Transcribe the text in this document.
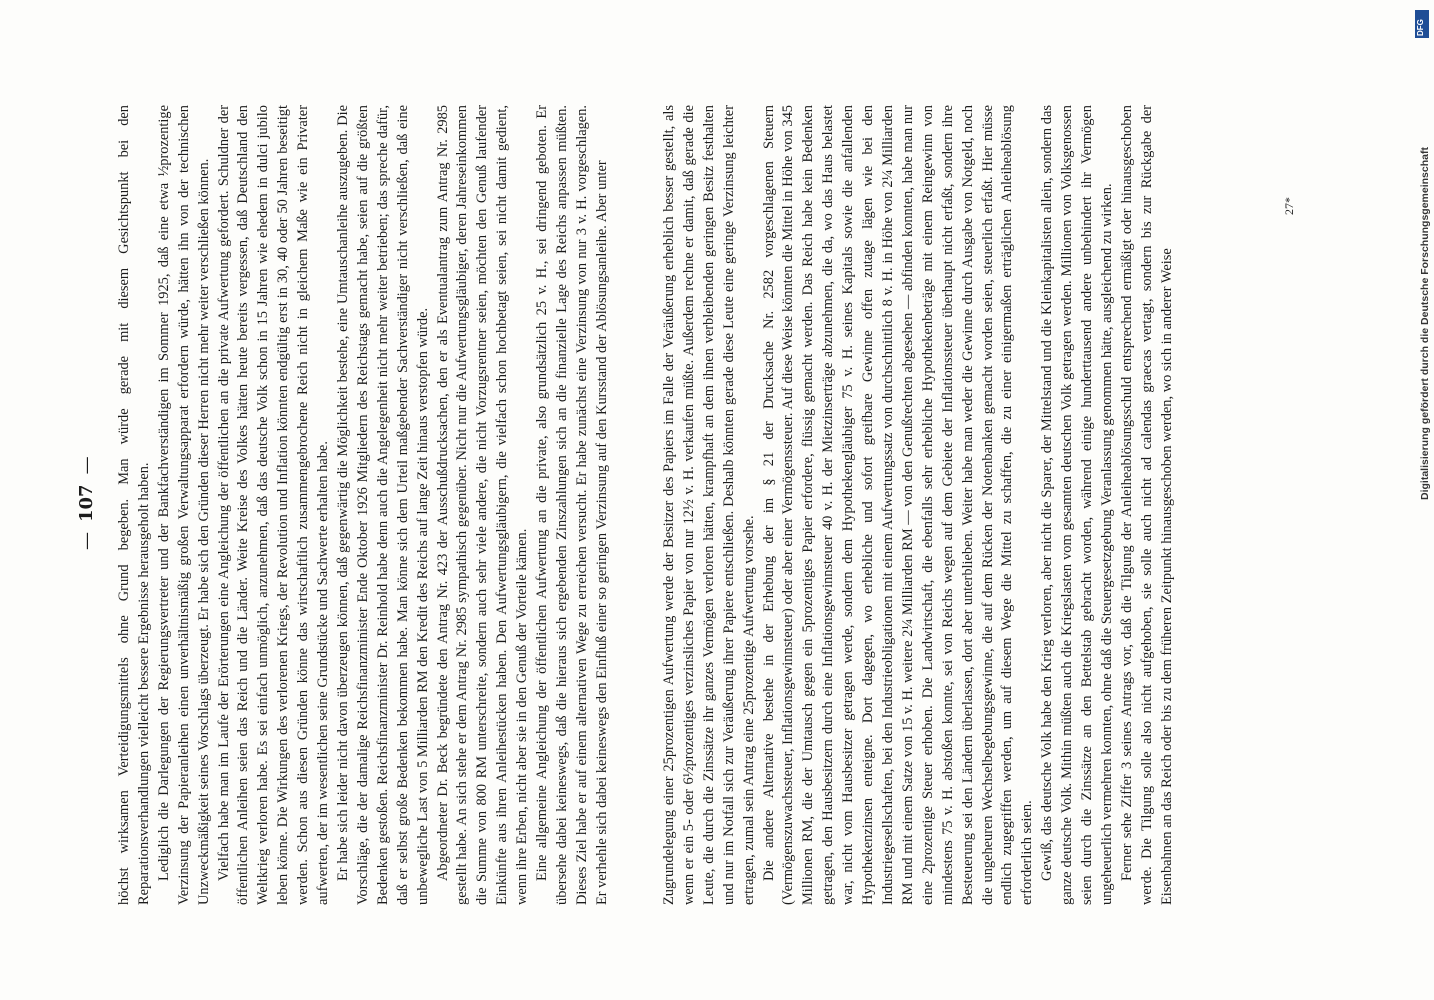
—107— höchst wirksamen Verteidigungsmittels ohne Grund begeben. Man würde gerade mit diesem Gesichtspunkt bei den Reparationsverhandlungen vielleicht bessere Ergebnisse herausgeholt haben. Lediglich die Darlegungen der Regierungsvertreter und der Bankfachverständigen im Sommer 1925, daß eine etwa ½prozentige Verzinsung der Papieranleihen einen unverhältnismäßig großen Verwaltungsapparat erfordern würde, hätten ihn von der technischen Unzweckmäßigkeit seines Vorschlags überzeugt. Er habe sich den Gründen dieser Herren nicht mehr weiter verschließen können. Vielfach habe man im Laufe der Erörterungen eine Angleichung der öffentlichen an die private Aufwertung gefordert. Schuldner der öffentlichen Anleihen seien das Reich und die Länder. Weite Kreise des Volkes hätten heute bereits vergessen, daß Deutschland den Weltkrieg verloren habe. Es sei einfach unmöglich, anzunehmen, daß das deutsche Volk schon in 15 Jahren wie ehedem in dulci jubilo leben könne. Die Wirkungen des verlorenen Kriegs, der Revolution und Inflation könnten endgültig erst in 30, 40 oder 50 Jahren beseitigt werden. Schon aus diesen Gründen könne das wirtschaftlich zusammengebrochene Reich nicht in gleichem Maße wie ein Privater aufwerten, der im wesentlichen seine Grundstücke und Sachwerte erhalten habe. Er habe sich leider nicht davon überzeugen können, daß gegenwärtig die Möglichkeit bestehe, eine Umtauschanleihe auszugeben. Die Vorschläge, die der damalige Reichsfinanzminister Ende Oktober 1926 Mitgliedern des Reichstags gemacht habe, seien auf die größten Bedenken gestoßen. Reichsfinanzminister Dr. Reinhold habe denn auch die Angelegenheit nicht mehr weiter betrieben; das spreche dafür, daß er selbst große Bedenken bekommen habe. Man könne sich dem Urteil maßgebender Sachverständiger nicht verschließen, daß eine unbewegliche Last von 5 Milliarden RM den Kredit des Reichs auf lange Zeit hinaus verstopfen würde. Abgeordneter Dr. Beck begründete den Antrag Nr. 423 der Ausschußdrucksachen, den er als Eventualantrag zum Antrag Nr. 2985 gestellt habe. An sich stehe er dem Antrag Nr. 2985 sympathisch gegenüber. Nicht nur die Aufwertungsgläubiger, deren Jahreseinkommen die Summe von 800 RM unterschreite, sondern auch sehr viele andere, die nicht Vorzugsrentner seien, möchten den Genuß laufender Einkünfte aus ihren Anleihestücken haben. Den Aufwertungsgläubigern, die vielfach schon hochbetagt seien, sei nicht damit gedient, wenn ihre Erben, nicht aber sie in den Genuß der Vorteile kämen. Eine allgemeine Angleichung der öffentlichen Aufwertung an die private, also grundsätzlich 25 v. H., sei dringend geboten. Er übersehe dabei keineswegs, daß die hieraus sich ergebenden Zinszahlungen sich an die finanzielle Lage des Reichs anpassen müßten. Dieses Ziel habe er auf einem alternativen Wege zu erreichen versucht. Er habe zunächst eine Verzinsung von nur 3 v. H. vorgeschlagen. Er verhehle sich dabei keineswegs den Einfluß einer so geringen Verzinsung auf den Kursstand der Ablösungsanleihe. Aber unter	Zugrundelegung einer 25prozentigen Aufwertung werde der Besitzer des Papiers im Falle der Veräußerung erheblich besser gestellt, als wenn er ein 5- oder 6½prozentiges verzinsliches Papier von nur 12½ v. H. verkaufen müßte. Außerdem rechne er damit, daß gerade die Leute, die durch die Zinssätze ihr ganzes Vermögen verloren hätten, krampfhaft an dem ihnen verbleibenden geringen Besitz festhalten und nur im Notfall sich zur Veräußerung ihrer Papiere entschließen. Deshalb könnten gerade diese Leute eine geringe Verzinsung leichter ertragen, zumal sein Antrag eine 25prozentige Aufwertung vorsehe. Die andere Alternative bestehe in der Erhebung der im § 21 der Drucksache Nr. 2582 vorgeschlagenen Steuern (Vermögenszuwachssteuer, Inflationsgewinnsteuer) oder aber einer Vermögenssteuer. Auf diese Weise könnten die Mittel in Höhe von 345 Millionen RM, die der Umtausch gegen ein 5prozentiges Papier erfordere, flüssig gemacht werden. Das Reich habe kein Bedenken getragen, den Hausbesitzern durch eine Inflationsgewinnsteuer 40 v. H. der Mietzinserträge abzunehmen, die da, wo das Haus belastet war, nicht vom Hausbesitzer getragen werde, sondern dem Hypothekengläubiger 75 v. H. seines Kapitals sowie die anfallenden Hypothekenzinsen enteigne. Dort dagegen, wo erhebliche und sofort greifbare Gewinne offen zutage lägen wie bei den Industriegesellschaften, bei den Industrieobligationen mit einem Aufwertungssatz von durchschnittlich 8 v. H. in Höhe von 2¼ Milliarden RM und mit einem Satze von 15 v. H. weitere 2¼ Milliarden RM — von den Genußrechten abgesehen — abfinden konnten, habe man nur eine 2prozentige Steuer erhoben. Die Landwirtschaft, die ebenfalls sehr erhebliche Hypothekenbeträge mit einem Reingewinn von mindestens 75 v. H. abstoßen konnte, sei von Reichs wegen auf dem Gebiete der Inflationssteuer überhaupt nicht erfaßt, sondern ihre Besteuerung sei den Ländern überlassen, dort aber unterblieben. Weiter habe man weder die Gewinne durch Ausgabe von Notgeld, noch die ungeheuren Wechselbegebungsgewinne, die auf dem Rücken der Notenbanken gemacht worden seien, steuerlich erfaßt. Hier müsse endlich zugegriffen werden, um auf diesem Wege die Mittel zu schaffen, die zu einer einigermaßen erträglichen Anleiheablösung erforderlich seien. Gewiß, das deutsche Volk habe den Krieg verloren, aber nicht die Sparer, der Mittelstand und die Kleinkapitalisten allein, sondern das ganze deutsche Volk. Mithin müßten auch die Kriegslasten vom gesamten deutschen Volk getragen werden. Millionen von Volksgenossen seien durch die Zinssätze an den Bettelstab gebracht worden, während einige hunderttausend andere unbehindert ihr Vermögen ungeheuerlich vermehren konnten, ohne daß die Steuergesetzgebung Veranlassung genommen hätte, ausgleichend zu wirken. Ferner sehe Ziffer 3 seines Antrags vor, daß die Tilgung der Anleiheablösungsschuld entsprechend ermäßigt oder hinausgeschoben werde. Die Tilgung solle also nicht aufgehoben, sie solle auch nicht ad calendas graecas vertagt, sondern bis zur Rückgabe der Eisenbahnen an das Reich oder bis zu dem früheren Zeitpunkt hinausgeschoben werden, wo sich in anderer Weise

27*
DFG
Digitalisierung gefördert durch die Deutsche Forschungsgemeinschaft
